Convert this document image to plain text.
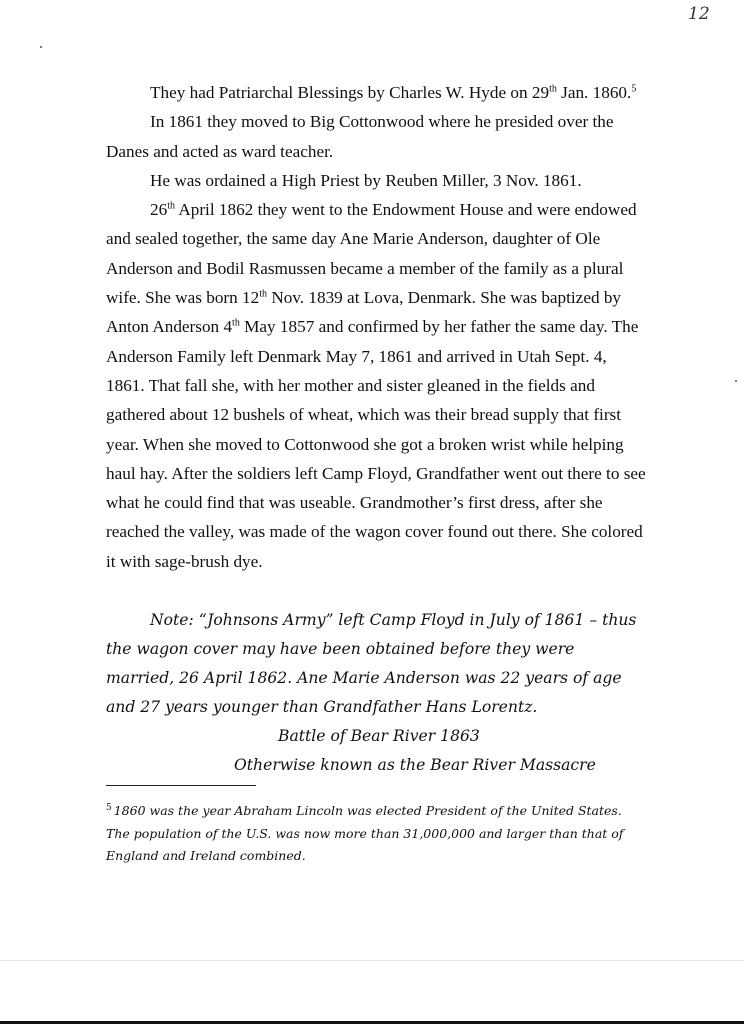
12

They had Patriarchal Blessings by Charles W. Hyde on 29th Jan. 1860.$^5$

In 1861 they moved to Big Cottonwood where he presided over the Danes and acted as ward teacher.

He was ordained a High Priest by Reuben Miller, 3 Nov. 1861.

26th April 1862 they went to the Endowment House and were endowed and sealed together, the same day Ane Marie Anderson, daughter of Ole Anderson and Bodil Rasmussen became a member of the family as a plural wife. She was born 12th Nov. 1839 at Lova, Denmark. She was baptized by Anton Anderson 4th May 1857 and confirmed by her father the same day. The Anderson Family left Denmark May 7, 1861 and arrived in Utah Sept. 4, 1861. That fall she, with her mother and sister gleaned in the fields and gathered about 12 bushels of wheat, which was their bread supply that first year. When she moved to Cottonwood she got a broken wrist while helping haul hay. After the soldiers left Camp Floyd, Grandfather went out there to see what he could find that was useable. Grandmother’s first dress, after she reached the valley, was made of the wagon cover found out there. She colored it with sage-brush dye.

Note: “Johnsons Army” left Camp Floyd in July of 1861 – thus the wagon cover may have been obtained before they were married, 26 April 1862. Ane Marie Anderson was 22 years of age and 27 years younger than Grandfather Hans Lorentz.
Battle of Bear River 1863
Otherwise known as the Bear River Massacre
$^5$ 1860 was the year Abraham Lincoln was elected President of the United States. The population of the U.S. was now more than 31,000,000 and larger than that of England and Ireland combined.
